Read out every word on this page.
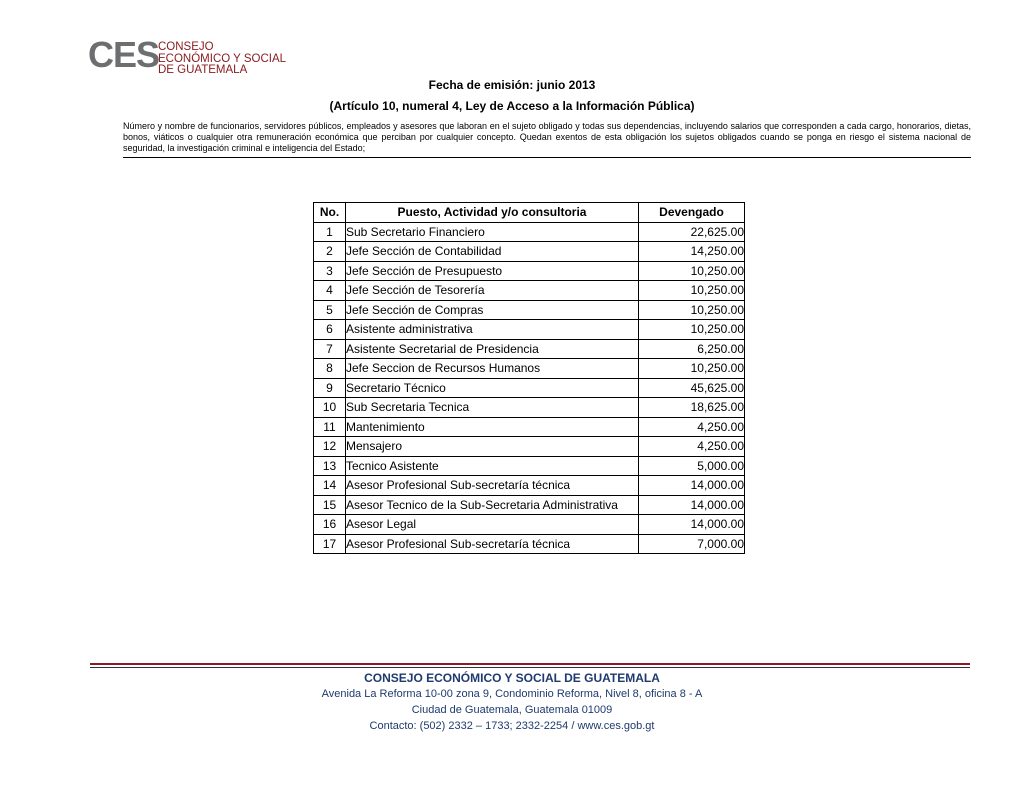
CES
CONSEJO
ECONÓMICO Y SOCIAL
DE GUATEMALA
Fecha de emisión: junio 2013
(Artículo 10, numeral 4, Ley de Acceso a la Información Pública)
Número y nombre de funcionarios, servidores públicos, empleados y asesores que laboran en el sujeto obligado y todas sus dependencias, incluyendo salarios que corresponden a cada cargo, honorarios, dietas, bonos, viáticos o cualquier otra remuneración económica que perciban por cualquier concepto. Quedan exentos de esta obligación los sujetos obligados cuando se ponga en riesgo el sistema nacional de seguridad, la investigación criminal e inteligencia del Estado;
No.	Puesto, Actividad y/o consultoria	Devengado
1	Sub Secretario Financiero	22,625.00
2	Jefe Sección de Contabilidad	14,250.00
3	Jefe Sección de Presupuesto	10,250.00
4	Jefe Sección de Tesorería	10,250.00
5	Jefe Sección de Compras	10,250.00
6	Asistente administrativa	10,250.00
7	Asistente Secretarial de Presidencia	6,250.00
8	Jefe Seccion de Recursos Humanos	10,250.00
9	Secretario Técnico	45,625.00
10	Sub Secretaria Tecnica	18,625.00
11	Mantenimiento	4,250.00
12	Mensajero	4,250.00
13	Tecnico Asistente	5,000.00
14	Asesor Profesional Sub-secretaría técnica	14,000.00
15	Asesor Tecnico de la Sub-Secretaria Administrativa	14,000.00
16	Asesor Legal	14,000.00
17	Asesor Profesional Sub-secretaría técnica	7,000.00
CONSEJO ECONÓMICO Y SOCIAL DE GUATEMALA
Avenida La Reforma 10-00 zona 9, Condominio Reforma, Nivel 8, oficina 8 - A
Ciudad de Guatemala, Guatemala 01009
Contacto: (502) 2332 – 1733; 2332-2254 / www.ces.gob.gt
